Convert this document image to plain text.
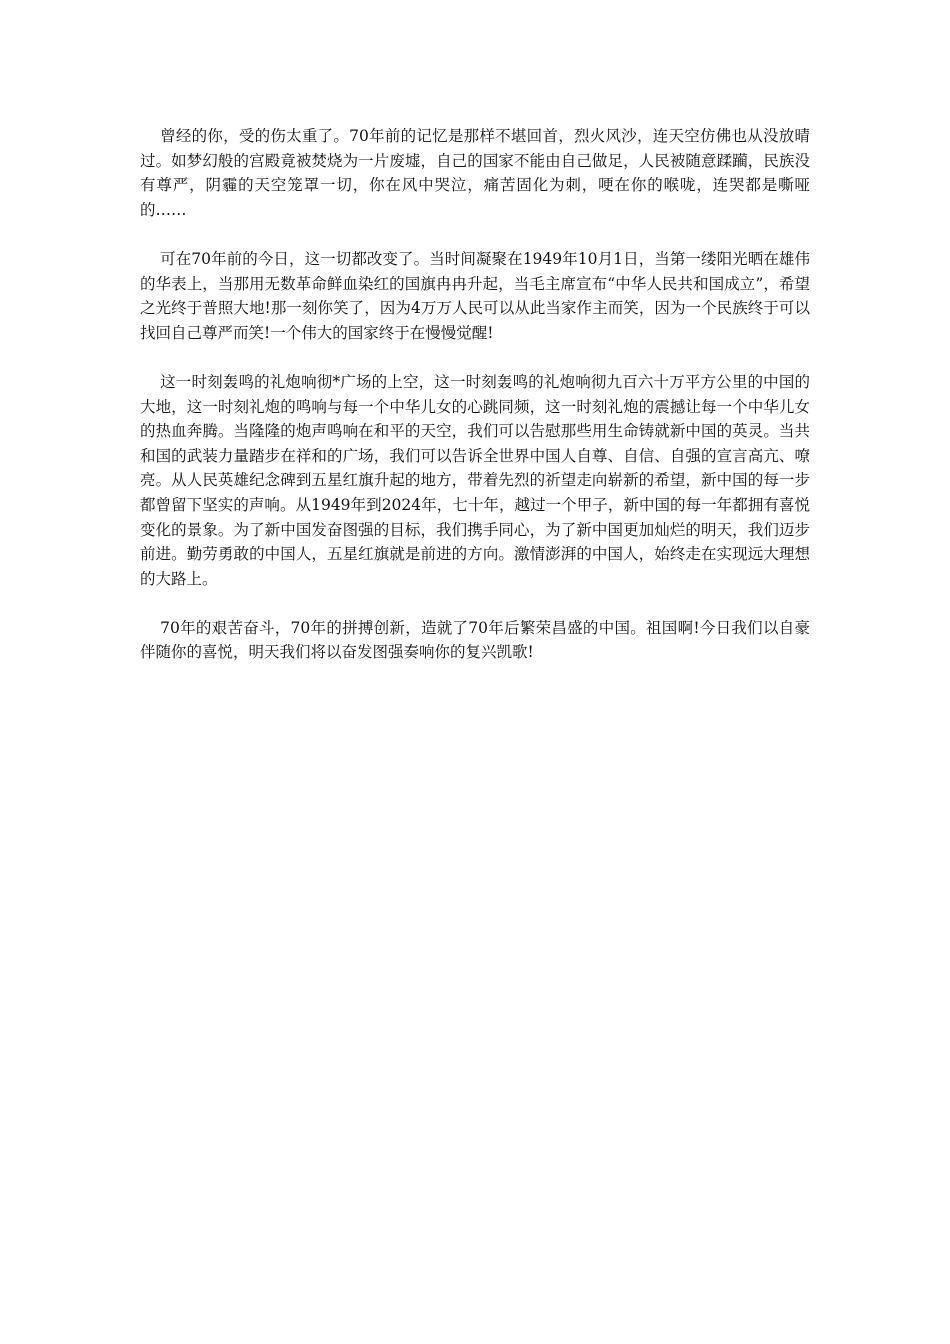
曾经的你，受的伤太重了。70年前的记忆是那样不堪回首，烈火风沙，连天空仿佛也从没放晴过。如梦幻般的宫殿竟被焚烧为一片废墟，自己的国家不能由自己做足，人民被随意蹂躏，民族没有尊严，阴霾的天空笼罩一切，你在风中哭泣，痛苦固化为刺，哽在你的喉咙，连哭都是嘶哑的……

可在70年前的今日，这一切都改变了。当时间凝聚在1949年10月1日，当第一缕阳光晒在雄伟的华表上，当那用无数革命鲜血染红的国旗冉冉升起，当毛主席宣布“中华人民共和国成立”，希望之光终于普照大地!那一刻你笑了，因为4万万人民可以从此当家作主而笑，因为一个民族终于可以找回自己尊严而笑!一个伟大的国家终于在慢慢觉醒!

这一时刻轰鸣的礼炮响彻*广场的上空，这一时刻轰鸣的礼炮响彻九百六十万平方公里的中国的大地，这一时刻礼炮的鸣响与每一个中华儿女的心跳同频，这一时刻礼炮的震撼让每一个中华儿女的热血奔腾。当隆隆的炮声鸣响在和平的天空，我们可以告慰那些用生命铸就新中国的英灵。当共和国的武装力量踏步在祥和的广场，我们可以告诉全世界中国人自尊、自信、自强的宣言高亢、嘹亮。从人民英雄纪念碑到五星红旗升起的地方，带着先烈的祈望走向崭新的希望，新中国的每一步都曾留下坚实的声响。从1949年到2024年，七十年，越过一个甲子，新中国的每一年都拥有喜悦变化的景象。为了新中国发奋图强的目标，我们携手同心，为了新中国更加灿烂的明天，我们迈步前进。勤劳勇敢的中国人，五星红旗就是前进的方向。激情澎湃的中国人，始终走在实现远大理想的大路上。

70年的艰苦奋斗，70年的拼搏创新，造就了70年后繁荣昌盛的中国。祖国啊!今日我们以自豪伴随你的喜悦，明天我们将以奋发图强奏响你的复兴凯歌!
